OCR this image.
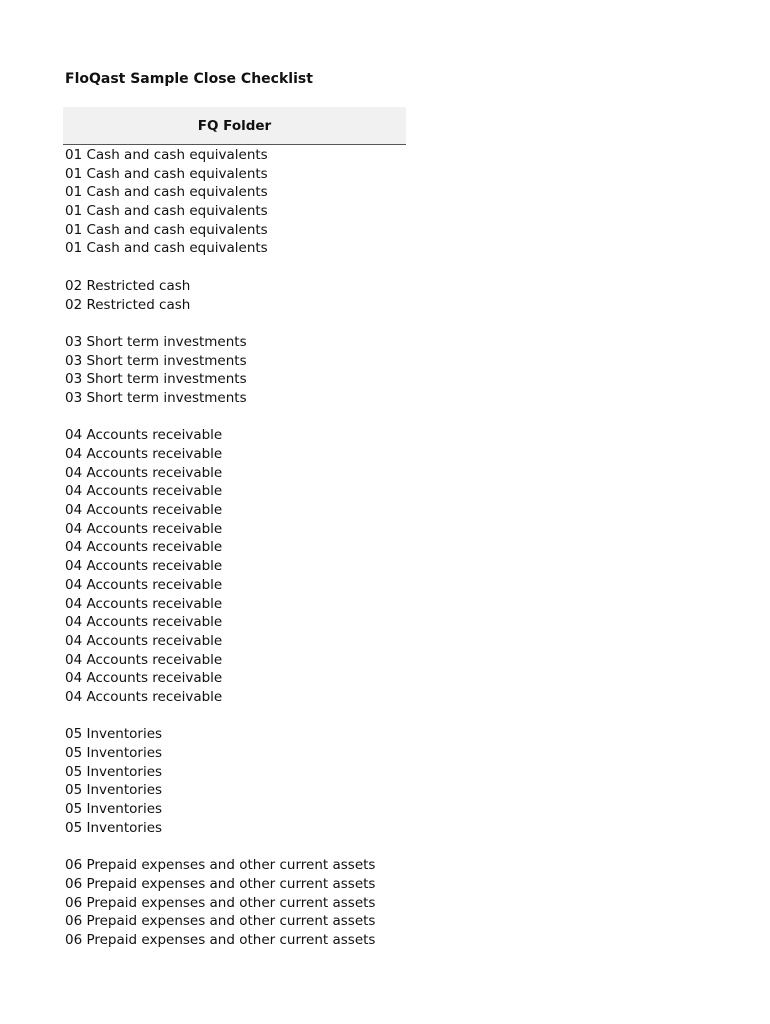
FloQast Sample Close Checklist
FQ Folder
01 Cash and cash equivalents
01 Cash and cash equivalents
01 Cash and cash equivalents
01 Cash and cash equivalents
01 Cash and cash equivalents
01 Cash and cash equivalents
02 Restricted cash
02 Restricted cash
03 Short term investments
03 Short term investments
03 Short term investments
03 Short term investments
04 Accounts receivable
04 Accounts receivable
04 Accounts receivable
04 Accounts receivable
04 Accounts receivable
04 Accounts receivable
04 Accounts receivable
04 Accounts receivable
04 Accounts receivable
04 Accounts receivable
04 Accounts receivable
04 Accounts receivable
04 Accounts receivable
04 Accounts receivable
04 Accounts receivable
05 Inventories
05 Inventories
05 Inventories
05 Inventories
05 Inventories
05 Inventories
06 Prepaid expenses and other current assets
06 Prepaid expenses and other current assets
06 Prepaid expenses and other current assets
06 Prepaid expenses and other current assets
06 Prepaid expenses and other current assets
